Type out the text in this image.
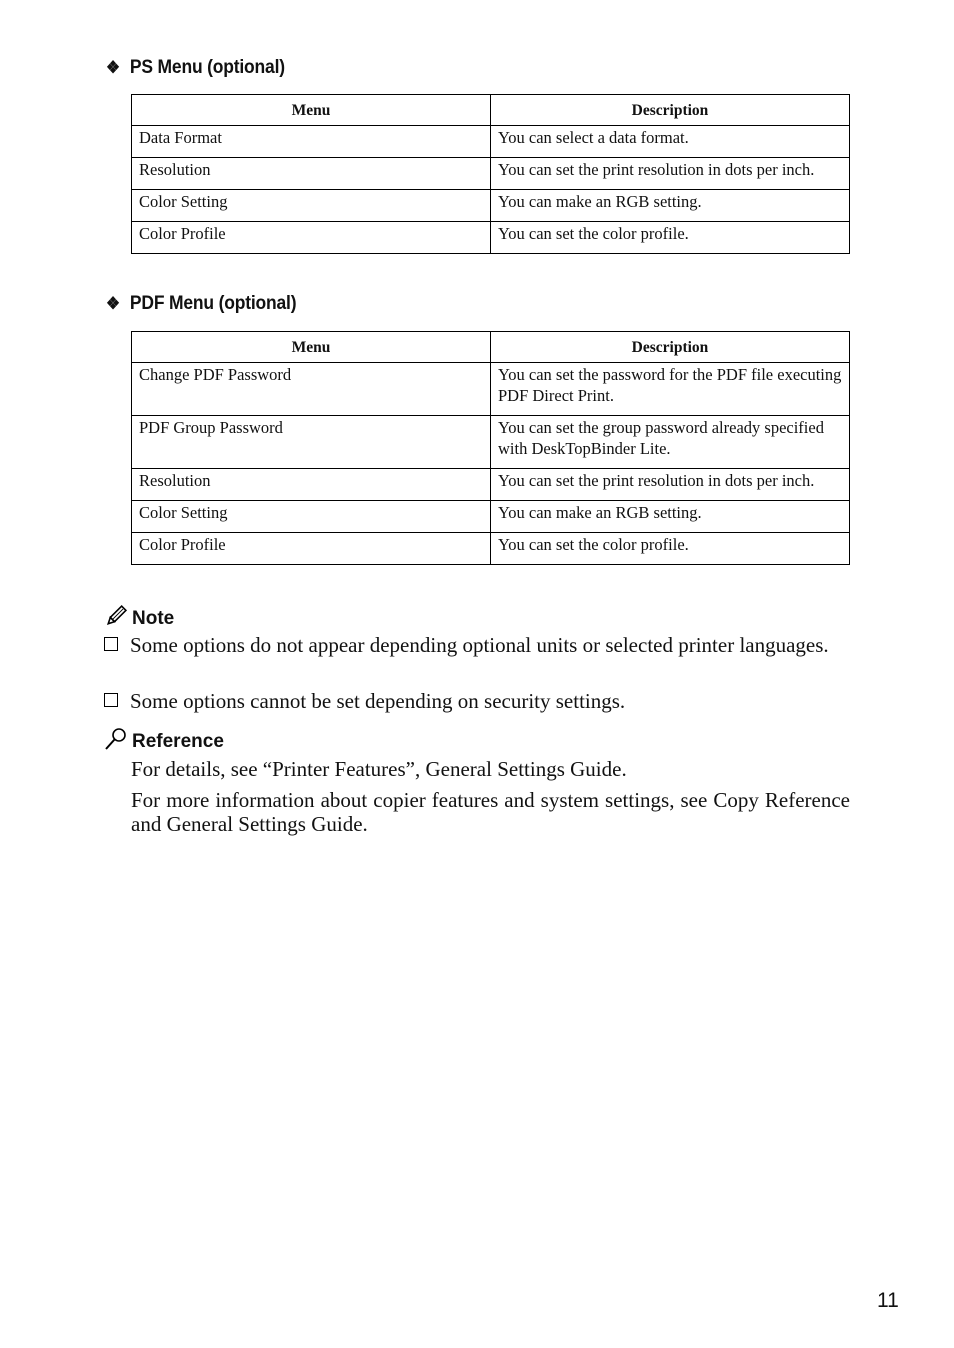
❖ PS Menu (optional)
Menu	Description
Data Format	You can select a data format.
Resolution	You can set the print resolution in dots per inch.
Color Setting	You can make an RGB setting.
Color Profile	You can set the color profile.
❖ PDF Menu (optional)
Menu	Description
Change PDF Password	You can set the password for the PDF file executing PDF Direct Print.
PDF Group Password	You can set the group password already specified with DeskTopBinder Lite.
Resolution	You can set the print resolution in dots per inch.
Color Setting	You can make an RGB setting.
Color Profile	You can set the color profile.
Note
Some options do not appear depending optional units or selected printer languages.
Some options cannot be set depending on security settings.
Reference
For details, see “Printer Features”, General Settings Guide.
For more information about copier features and system settings, see Copy Reference and General Settings Guide.
11
